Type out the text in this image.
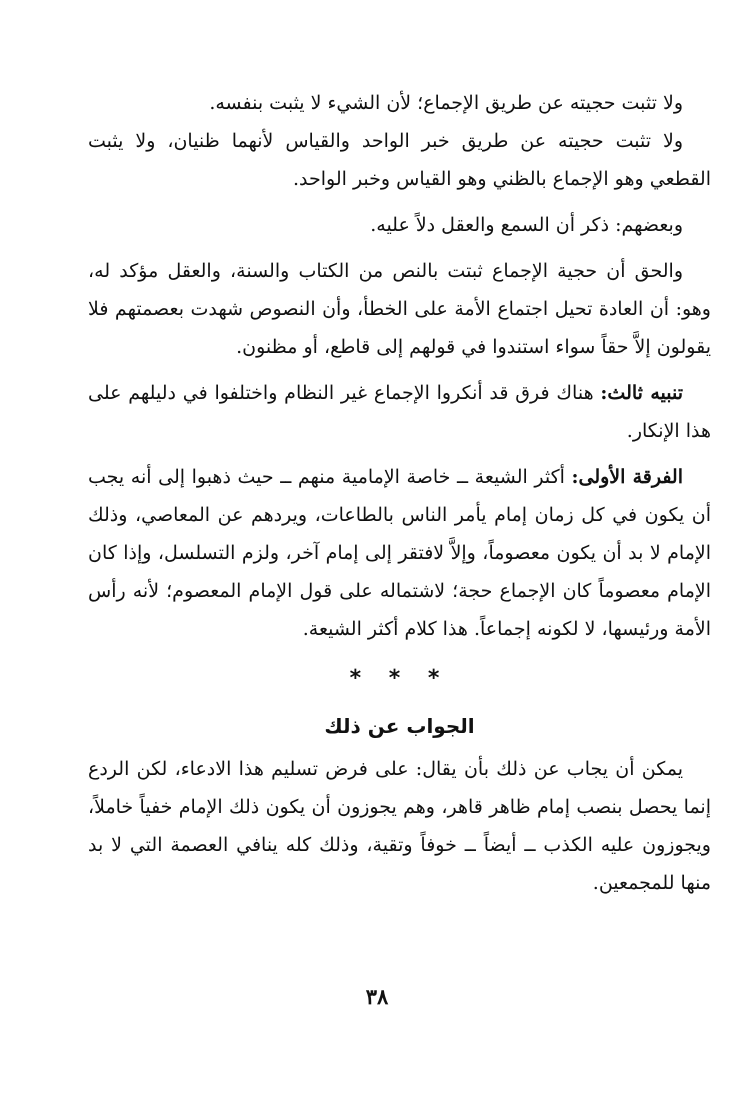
ولا تثبت حجيته عن طريق الإجماع؛ لأن الشيء لا يثبت بنفسه.

ولا تثبت حجيته عن طريق خبر الواحد والقياس لأنهما ظنيان، ولا يثبت القطعي وهو الإجماع بالظني وهو القياس وخبر الواحد.

وبعضهم: ذكر أن السمع والعقل دلاً عليه.

والحق أن حجية الإجماع ثبتت بالنص من الكتاب والسنة، والعقل مؤكد له، وهو: أن العادة تحيل اجتماع الأمة على الخطأ، وأن النصوص شهدت بعصمتهم فلا يقولون إلاَّ حقاً سواء استندوا في قولهم إلى قاطع، أو مظنون.

تنبيه ثالث: هناك فرق قد أنكروا الإجماع غير النظام واختلفوا في دليلهم على هذا الإنكار.

الفرقة الأولى: أكثر الشيعة ــ خاصة الإمامية منهم ــ حيث ذهبوا إلى أنه يجب أن يكون في كل زمان إمام يأمر الناس بالطاعات، ويردهم عن المعاصي، وذلك الإمام لا بد أن يكون معصوماً، وإلاَّ لافتقر إلى إمام آخر، ولزم التسلسل، وإذا كان الإمام معصوماً كان الإجماع حجة؛ لاشتماله على قول الإمام المعصوم؛ لأنه رأس الأمة ورئيسها، لا لكونه إجماعاً. هذا كلام أكثر الشيعة.

* * *
الجواب عن ذلك

يمكن أن يجاب عن ذلك بأن يقال: على فرض تسليم هذا الادعاء، لكن الردع إنما يحصل بنصب إمام ظاهر قاهر، وهم يجوزون أن يكون ذلك الإمام خفياً خاملاً، ويجوزون عليه الكذب ــ أيضاً ــ خوفاً وتقية، وذلك كله ينافي العصمة التي لا بد منها للمجمعين.

٣٨
